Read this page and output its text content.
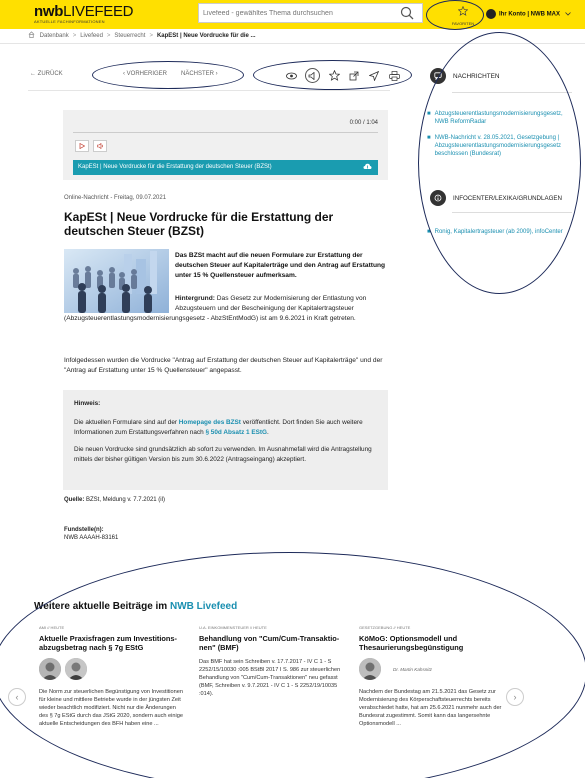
nwbLIVEFEED
AKTUELLE FACHINFORMATIONEN
Livefeed - gewähltes Thema durchsuchen	FAVORITEN
Ihr Konto | NWB MAX
Datenbank > Livefeed > Steuerrecht > KapESt | Neue Vordrucke für die ...
← ZURÜCK	‹ VORHERIGER NÄCHSTER ›
0:00 / 1:04
KapESt | Neue Vordrucke für die Erstattung der deutschen Steuer (BZSt)
Online-Nachricht - Freitag, 09.07.2021
KapESt | Neue Vordrucke für die Erstattung der deutschen Steuer (BZSt)
Das BZSt macht auf die neuen Formulare zur Erstattung der deutschen Steuer auf Kapitalerträge und den Antrag auf Erstattung unter 15 % Quellensteuer aufmerksam.
Hintergrund: Das Gesetz zur Modernisierung der Entlastung von Abzugsteuern und der Bescheinigung der Kapitalertragsteuer
(Abzugsteuerentlastungsmodernisierungsgesetz - AbzStEntModG) ist am 9.6.2021 in Kraft getreten.

Infolgedessen wurden die Vordrucke "Antrag auf Erstattung der deutschen Steuer auf Kapitalerträge" und der "Antrag auf Erstattung unter 15 % Quellensteuer" angepasst.

Hinweis:

Die aktuellen Formulare sind auf der Homepage des BZSt veröffentlicht. Dort finden Sie auch weitere Informationen zum Erstattungsverfahren nach § 50d Absatz 1 EStG.

Die neuen Vordrucke sind grundsätzlich ab sofort zu verwenden. Im Ausnahmefall wird die Antragstellung mittels der bisher gültigen Version bis zum 30.6.2022 (Antragseingang) akzeptiert.

Quelle: BZSt, Meldung v. 7.7.2021 (il)
Fundstelle(n):
NWB AAAAH-83161
NACHRICHTEN
■ Abzugsteuerentlastungsmodernisierungsgesetz, NWB ReformRadar
■ NWB-Nachricht v. 28.05.2021, Gesetzgebung | Abzugsteuerentlastungsmodernisierungsgesetz beschlossen (Bundesrat)
INFOCENTER/LEXIKA/GRUNDLAGEN
■ Ronig, Kapitalertragsteuer (ab 2009), infoCenter
Weitere aktuelle Beiträge im NWB Livefeed
AMI // HEUTE
Aktuelle Praxisfragen zum Investitions-abzugsbetrag nach § 7g EStG
Die Norm zur steuerlichen Begünstigung von Investitionen für kleine und mittlere Betriebe wurde in der jüngsten Zeit wieder beachtlich modifiziert. Nicht nur die Änderungen des § 7g EStG durch das JStG 2020, sondern auch einige aktuelle Entscheidungen des BFH haben eine ...
U.A. EINKOMMENSTEUER // HEUTE
Behandlung von "Cum/Cum-Transaktio-nen" (BMF)
Das BMF hat sein Schreiben v. 17.7.2017 - IV C 1 - S 2252/15/10030 :005 BStBl 2017 I S. 986 zur steuerlichen Behandlung von "Cum/Cum-Transaktionen" neu gefasst (BMF, Schreiben v. 9.7.2021 - IV C 1 - S 2252/19/10035 :014).
GESETZGEBUNG // HEUTE
KöMoG: Optionsmodell und Thesaurierungsbegünstigung
Dr. Martin Kahsnitz
Nachdem der Bundestag am 21.5.2021 das Gesetz zur Modernisierung des Körperschaftsteuerrechts bereits verabschiedet hatte, hat am 25.6.2021 nunmehr auch der Bundesrat zugestimmt. Somit kann das langersehnte Optionsmodell ...
‹	›
